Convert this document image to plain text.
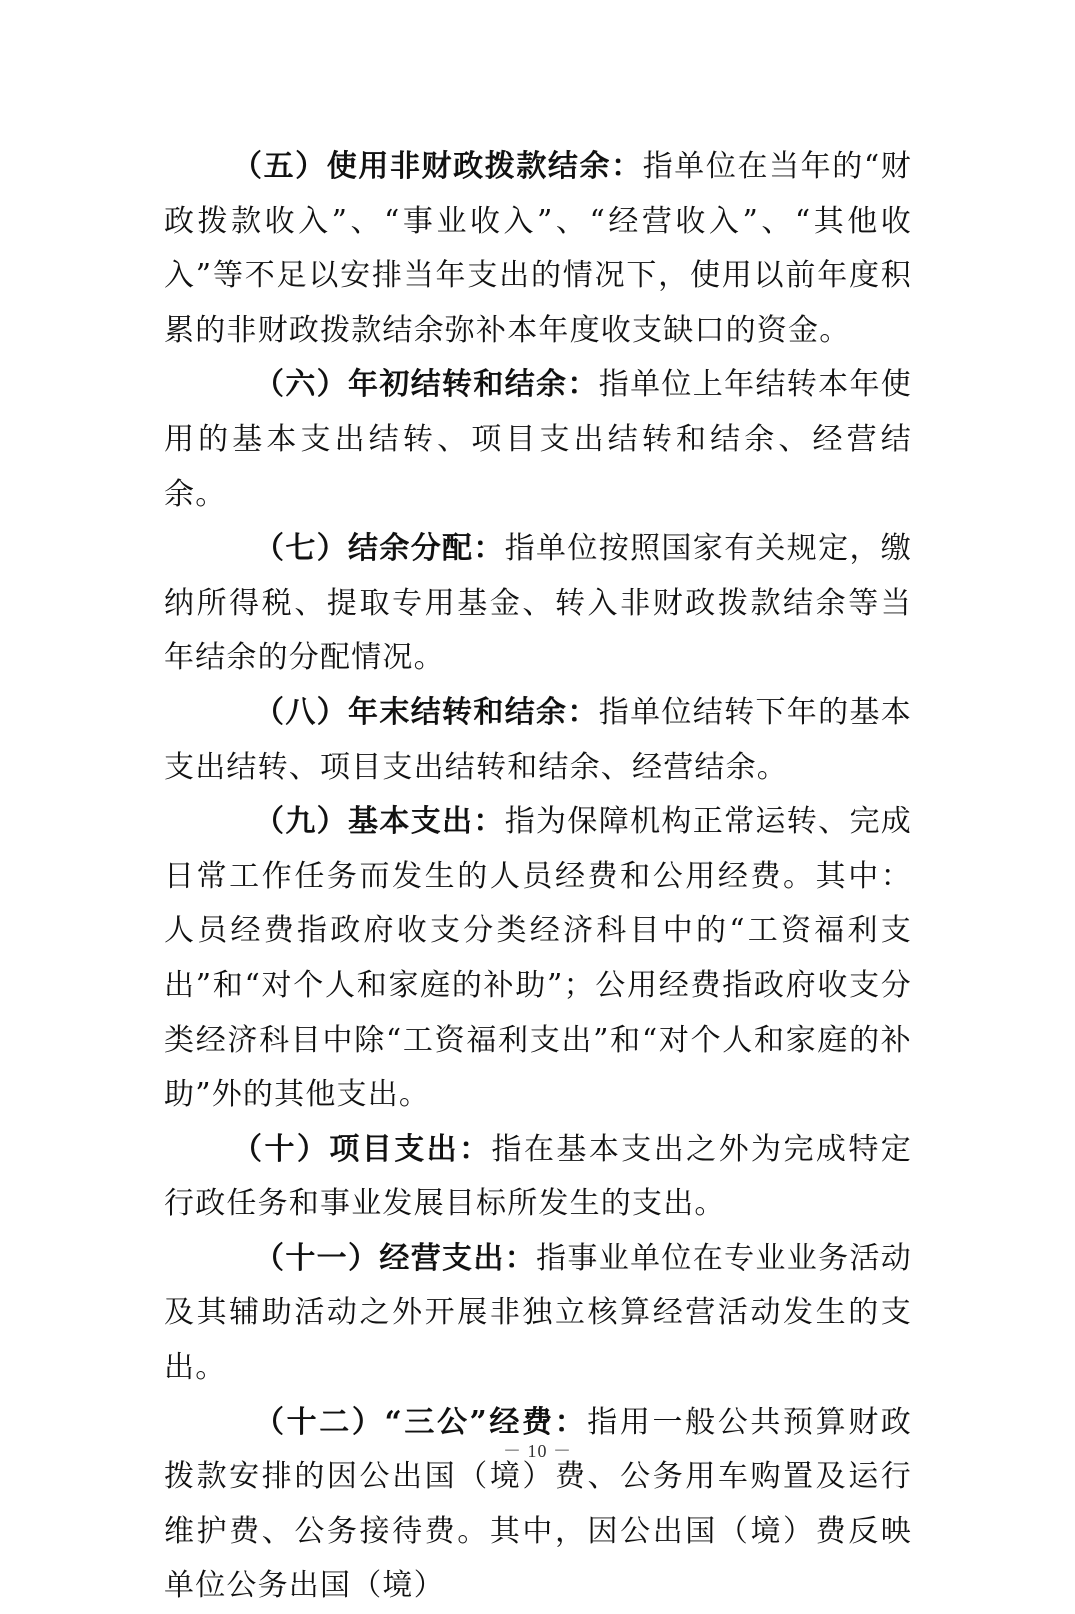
（五）使用非财政拨款结余：指单位在当年的“财政拨款收入”、“事业收入”、“经营收入”、“其他收入”等不足以安排当年支出的情况下，使用以前年度积累的非财政拨款结余弥补本年度收支缺口的资金。

（六）年初结转和结余：指单位上年结转本年使用的基本支出结转、项目支出结转和结余、经营结余。

（七）结余分配：指单位按照国家有关规定，缴纳所得税、提取专用基金、转入非财政拨款结余等当年结余的分配情况。

（八）年末结转和结余：指单位结转下年的基本支出结转、项目支出结转和结余、经营结余。

（九）基本支出：指为保障机构正常运转、完成日常工作任务而发生的人员经费和公用经费。其中：人员经费指政府收支分类经济科目中的“工资福利支出”和“对个人和家庭的补助”；公用经费指政府收支分类经济科目中除“工资福利支出”和“对个人和家庭的补助”外的其他支出。

（十）项目支出：指在基本支出之外为完成特定行政任务和事业发展目标所发生的支出。

（十一）经营支出：指事业单位在专业业务活动及其辅助活动之外开展非独立核算经营活动发生的支出。

（十二）“三公”经费：指用一般公共预算财政拨款安排的因公出国（境）费、公务用车购置及运行维护费、公务接待费。其中，因公出国（境）费反映单位公务出国（境）

－ 10 －
